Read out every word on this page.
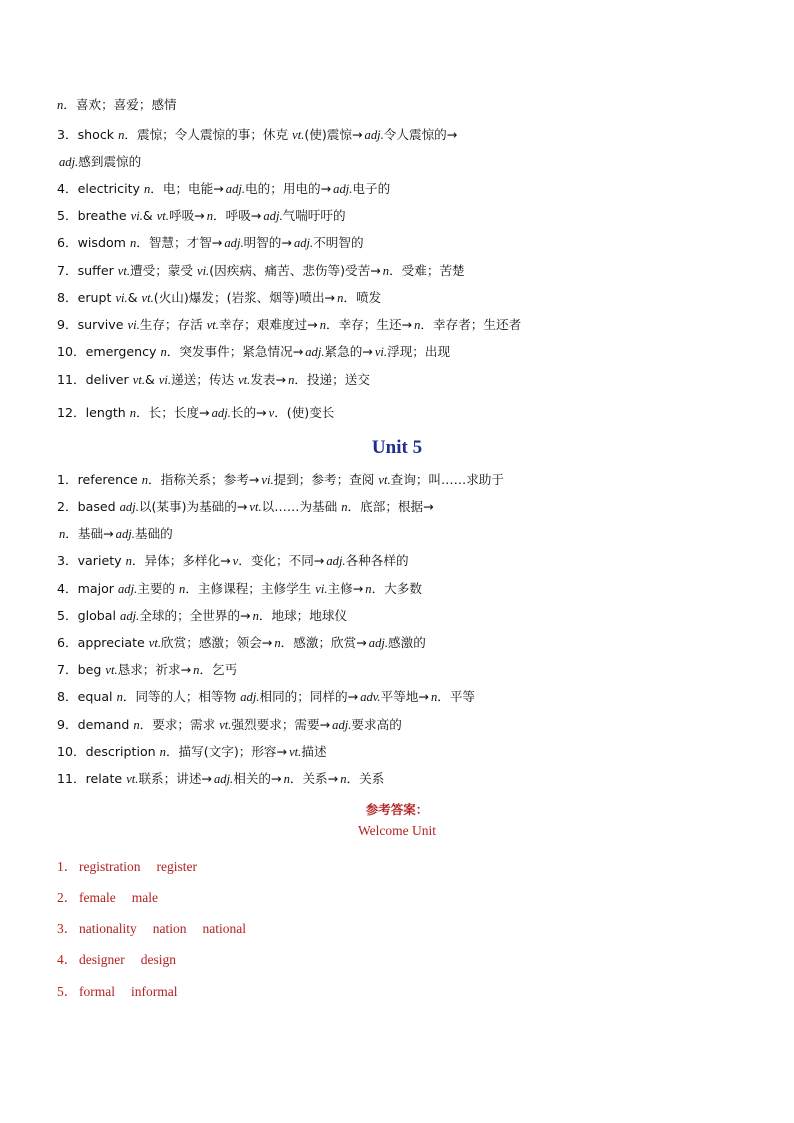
n．喜欢；喜爱；感情
3．shock n．震惊；令人震惊的事；休克 vt.(使)震惊→ adj.令人震惊的→
adj.感到震惊的
4．electricity n．电；电能→ adj.电的；用电的→ adj.电子的
5．breathe vi.& vt.呼吸→ n．呼吸→ adj.气喘吁吁的
6．wisdom n．智慧；才智→ adj.明智的→ adj.不明智的
7．suffer vt.遭受；蒙受 vi.(因疾病、痛苦、悲伤等)受苦→ n．受难；苦楚
8．erupt vi.& vt.(火山)爆发；(岩浆、烟等)喷出→ n．喷发
9．survive vi.生存；存活 vt.幸存；艰难度过→ n．幸存；生还→ n．幸存者；生还者
10．emergency n．突发事件；紧急情况→ adj.紧急的→ vi.浮现；出现
11．deliver vt.& vi.递送；传达 vt.发表→ n．投递；送交
12．length n．长；长度→ adj.长的→ v．(使)变长
Unit 5
1．reference n．指称关系；参考→ vi.提到；参考；查阅 vt.查询；叫……求助于
2．based adj.以(某事)为基础的→ vt.以……为基础 n．底部；根据→
n．基础→ adj.基础的
3．variety n．异体；多样化→ v．变化；不同→ adj.各种各样的
4．major adj.主要的 n．主修课程；主修学生 vi.主修→ n．大多数
5．global adj.全球的；全世界的→ n．地球；地球仪
6．appreciate vt.欣赏；感激；领会→ n．感激；欣赏→ adj.感激的
7．beg vt.恳求；祈求→ n．乞丐
8．equal n．同等的人；相等物 adj.相同的；同样的→ adv.平等地→ n．平等
9．demand n．要求；需求 vt.强烈要求；需要→ adj.要求高的
10．description n．描写(文字)；形容→ vt.描述
11．relate vt.联系；讲述→ adj.相关的→ n．关系→ n．关系
参考答案：
Welcome Unit
1． registration register
2． female male
3． nationality nation national
4． designer design
5． formal informal
